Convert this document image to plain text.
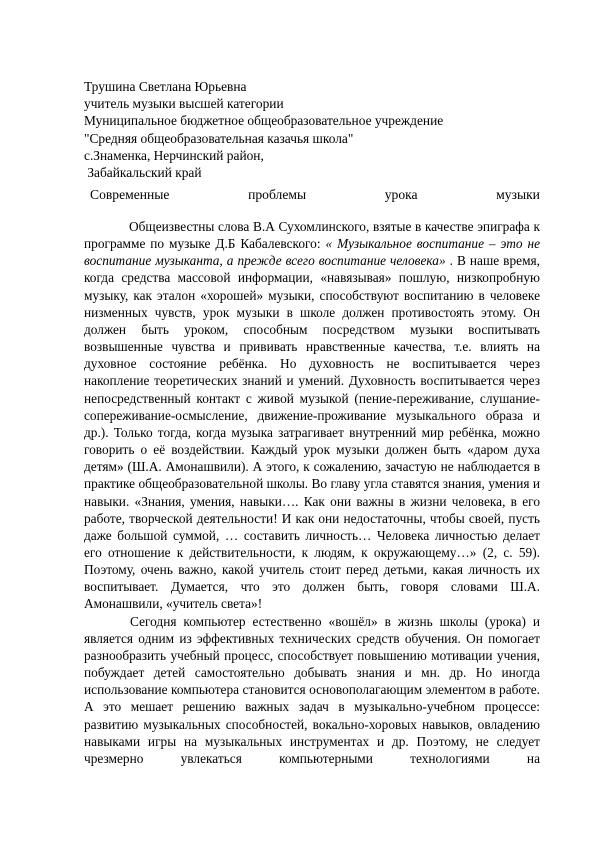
Трушина Светлана Юрьевна
учитель музыки высшей категории
Муниципальное бюджетное общеобразовательное учреждение
"Средняя общеобразовательная казачья школа"
с.Знаменка, Нерчинский район,
Забайкальский край
Современные	проблемы	урока	музыки

Общеизвестны слова В.А Сухомлинского, взятые в качестве эпиграфа к программе по музыке Д.Б Кабалевского: « Музыкальное воспитание – это не воспитание музыканта, а прежде всего воспитание человека» . В наше время, когда средства массовой информации, «навязывая» пошлую, низкопробную музыку, как эталон «хорошей» музыки, способствуют воспитанию в человеке низменных чувств, урок музыки в школе должен противостоять этому. Он должен быть уроком, способным посредством музыки воспитывать возвышенные чувства и прививать нравственные качества, т.е. влиять на духовное состояние ребёнка. Но духовность не воспитывается через накопление теоретических знаний и умений. Духовность воспитывается через непосредственный контакт с живой музыкой (пение-переживание, слушание-сопереживание-осмысление, движение-проживание музыкального образа и др.). Только тогда, когда музыка затрагивает внутренний мир ребёнка, можно говорить о её воздействии. Каждый урок музыки должен быть «даром духа детям» (Ш.А. Амонашвили). А этого, к сожалению, зачастую не наблюдается в практике общеобразовательной школы. Во главу угла ставятся знания, умения и навыки. «Знания, умения, навыки…. Как они важны в жизни человека, в его работе, творческой деятельности! И как они недостаточны, чтобы своей, пусть даже большой суммой, … составить личность… Человека личностью делает его отношение к действительности, к людям, к окружающему…» (2, с. 59). Поэтому, очень важно, какой учитель стоит перед детьми, какая личность их воспитывает. Думается, что это должен быть, говоря словами Ш.А. Амонашвили, «учитель света»!

Сегодня компьютер естественно «вошёл» в жизнь школы (урока) и является одним из эффективных технических средств обучения. Он помогает разнообразить учебный процесс, способствует повышению мотивации учения, побуждает детей самостоятельно добывать знания и мн. др. Но иногда использование компьютера становится основополагающим элементом в работе. А это мешает решению важных задач в музыкально-учебном процессе: развитию музыкальных способностей, вокально-хоровых навыков, овладению навыками игры на музыкальных инструментах и др. Поэтому, не следует чрезмерно увлекаться компьютерными технологиями на
